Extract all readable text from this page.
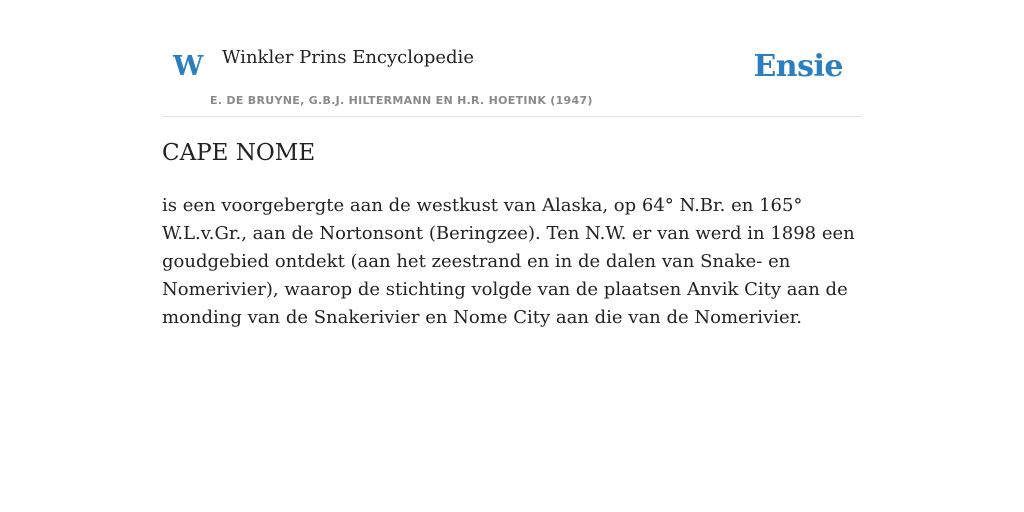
W Winkler Prins Encyclopedie
E. DE BRUYNE, G.B.J. HILTERMANN EN H.R. HOETINK (1947)
Ensie
CAPE NOME

is een voorgebergte aan de westkust van Alaska, op 64° N.Br. en 165° W.L.v.Gr., aan de Nortonsont (Beringzee). Ten N.W. er van werd in 1898 een goudgebied ontdekt (aan het zeestrand en in de dalen van Snake- en Nomerivier), waarop de stichting volgde van de plaatsen Anvik City aan de monding van de Snakerivier en Nome City aan die van de Nomerivier.
